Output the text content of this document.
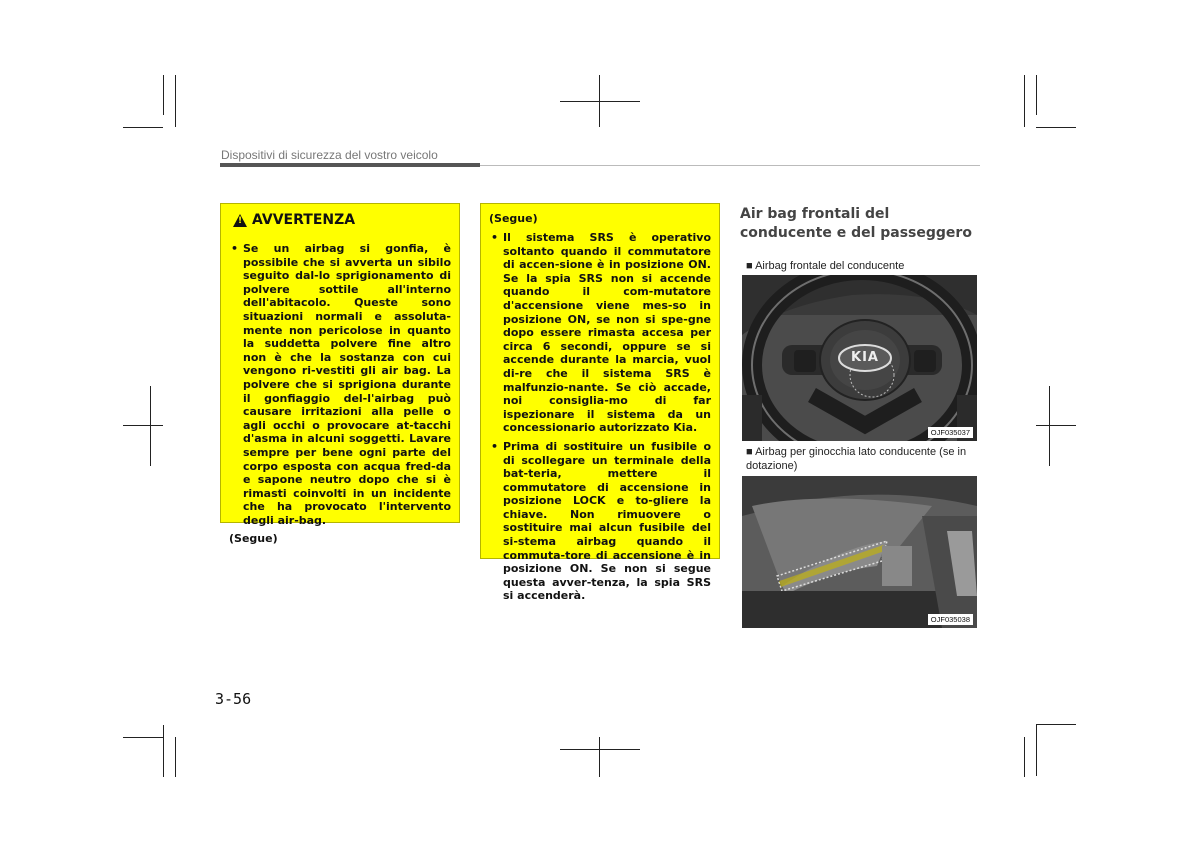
Dispositivi di sicurezza del vostro veicolo
!
AVVERTENZA
• Se un airbag si gonfia, è possibile che si avverta un sibilo seguito dal-lo sprigionamento di polvere sottile all'interno dell'abitacolo. Queste sono situazioni normali e assoluta-mente non pericolose in quanto la suddetta polvere fine altro non è che la sostanza con cui vengono ri-vestiti gli air bag. La polvere che si sprigiona durante il gonfiaggio del-l'airbag può causare irritazioni alla pelle o agli occhi o provocare at-tacchi d'asma in alcuni soggetti. Lavare sempre per bene ogni parte del corpo esposta con acqua fred-da e sapone neutro dopo che si è rimasti coinvolti in un incidente che ha provocato l'intervento degli air-bag.
(Segue)
(Segue)
• Il sistema SRS è operativo soltanto quando il commutatore di accen-sione è in posizione ON. Se la spia SRS non si accende quando il com-mutatore d'accensione viene mes-so in posizione ON, se non si spe-gne dopo essere rimasta accesa per circa 6 secondi, oppure se si accende durante la marcia, vuol di-re che il sistema SRS è malfunzio-nante. Se ciò accade, noi consiglia-mo di far ispezionare il sistema da un concessionario autorizzato Kia.
• Prima di sostituire un fusibile o di scollegare un terminale della bat-teria, mettere il commutatore di accensione in posizione LOCK e to-gliere la chiave. Non rimuovere o sostituire mai alcun fusibile del si-stema airbag quando il commuta-tore di accensione è in posizione ON. Se non si segue questa avver-tenza, la spia SRS si accenderà.
Air bag frontali del conducente e del passeggero
■ Airbag frontale del conducente
KIA
OJF035037
■ Airbag per ginocchia lato conducente (se in dotazione)
OJF035038
3-56
